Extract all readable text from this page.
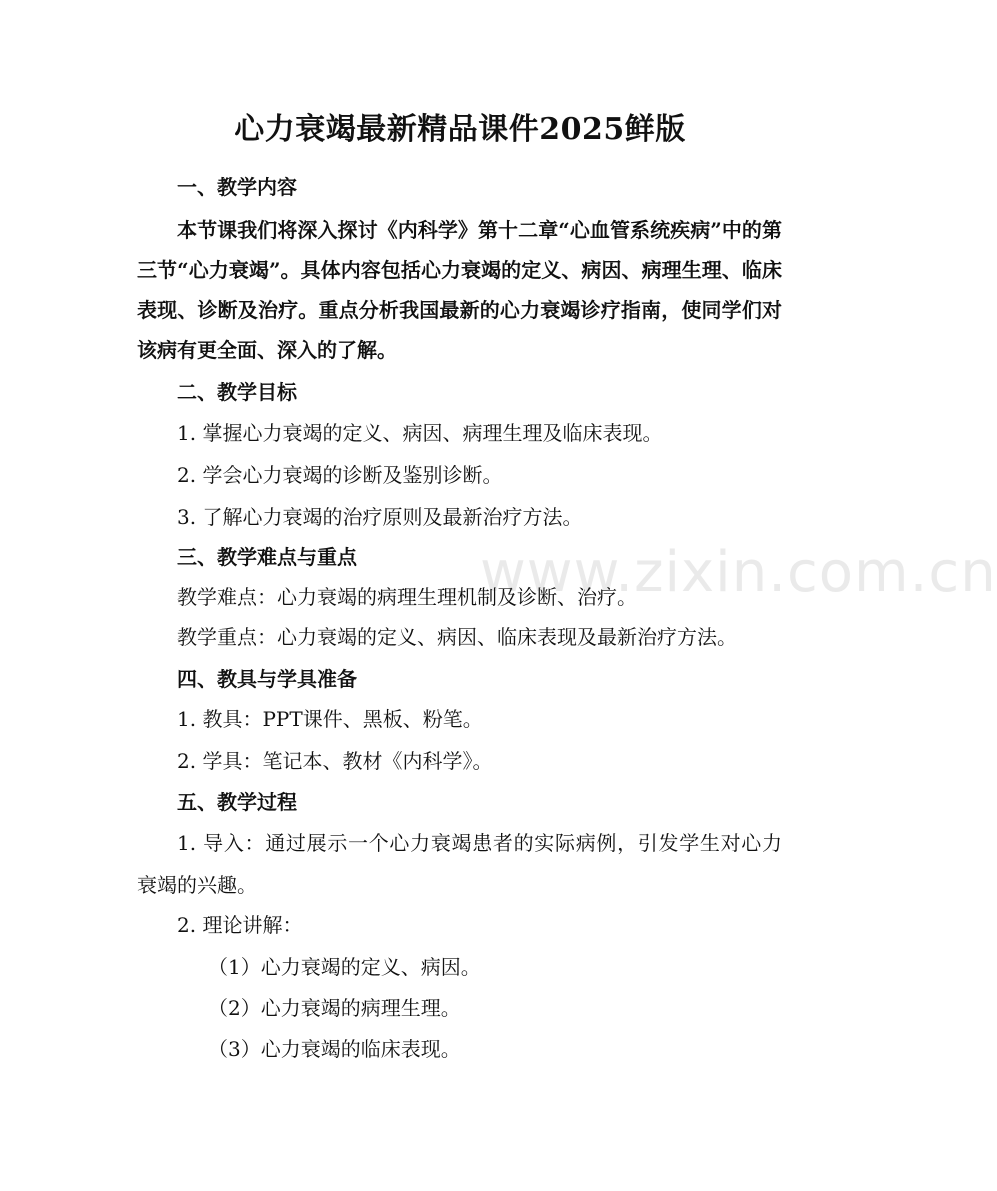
www.zixin.com.cn
心力衰竭最新精品课件2025鲜版
一、教学内容
本节课我们将深入探讨《内科学》第十二章“心血管系统疾病”中的第三节“心力衰竭”。具体内容包括心力衰竭的定义、病因、病理生理、临床表现、诊断及治疗。重点分析我国最新的心力衰竭诊疗指南，使同学们对该病有更全面、深入的了解。
二、教学目标
1. 掌握心力衰竭的定义、病因、病理生理及临床表现。
2. 学会心力衰竭的诊断及鉴别诊断。
3. 了解心力衰竭的治疗原则及最新治疗方法。
三、教学难点与重点
教学难点：心力衰竭的病理生理机制及诊断、治疗。
教学重点：心力衰竭的定义、病因、临床表现及最新治疗方法。
四、教具与学具准备
1. 教具：PPT课件、黑板、粉笔。
2. 学具：笔记本、教材《内科学》。
五、教学过程
1. 导入：通过展示一个心力衰竭患者的实际病例，引发学生对心力衰竭的兴趣。
2. 理论讲解：
（1）心力衰竭的定义、病因。
（2）心力衰竭的病理生理。
（3）心力衰竭的临床表现。
